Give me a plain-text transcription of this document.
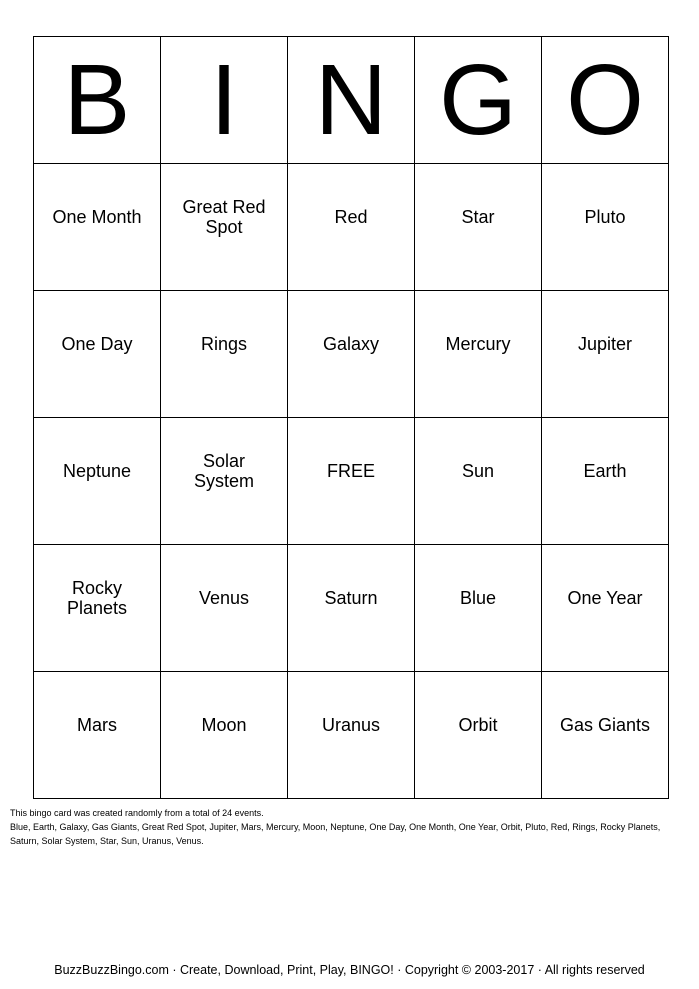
B	I	N	G	O
One Month	Great Red Spot	Red	Star	Pluto
One Day	Rings	Galaxy	Mercury	Jupiter
Neptune	Solar System	FREE	Sun	Earth
Rocky Planets	Venus	Saturn	Blue	One Year
Mars	Moon	Uranus	Orbit	Gas Giants
This bingo card was created randomly from a total of 24 events.
Blue, Earth, Galaxy, Gas Giants, Great Red Spot, Jupiter, Mars, Mercury, Moon, Neptune, One Day, One Month, One Year, Orbit, Pluto, Red, Rings, Rocky Planets, Saturn, Solar System, Star, Sun, Uranus, Venus.
BuzzBuzzBingo.com · Create, Download, Print, Play, BINGO! · Copyright © 2003-2017 · All rights reserved
